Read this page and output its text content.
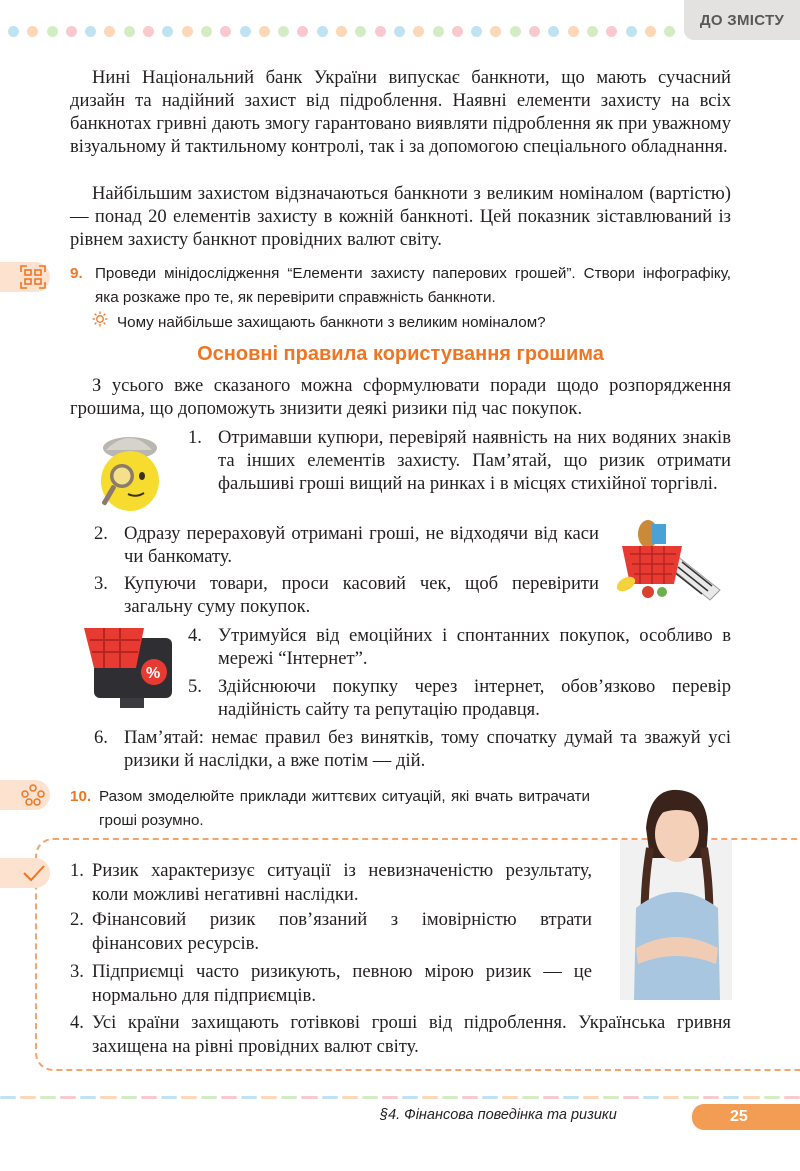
ДО ЗМІСТУ

Нині Національний банк України випускає банкноти, що мають сучасний дизайн та надійний захист від підроблення. Наявні елементи захисту на всіх банкнотах гривні дають змогу гарантовано виявляти підроблення як при уважному візуальному й тактильному контролі, так і за допомогою спеціального обладнання.

Найбільшим захистом відзначаються банкноти з великим номіналом (вартістю) — понад 20 елементів захисту в кожній банкноті. Цей показник зіставлюваний із рівнем захисту банкнот провідних валют світу.

9. Проведи мінідослідження “Елементи захисту паперових грошей”. Створи інфографіку, яка розкаже про те, як перевірити справжність банкноти.
Чому найбільше захищають банкноти з великим номіналом?
Основні правила користування грошима

З усього вже сказаного можна сформулювати поради щодо розпорядження грошима, що допоможуть знизити деякі ризики під час покупок.

1. Отримавши купюри, перевіряй наявність на них водяних знаків та інших елементів захисту. Пам’ятай, що ризик отримати фальшиві гроші вищий на ринках і в місцях стихійної торгівлі.
2. Одразу перераховуй отримані гроші, не відходячи від каси чи банкомату.
3. Купуючи товари, проси касовий чек, щоб перевірити загальну суму покупок.
%
4. Утримуйся від емоційних і спонтанних покупок, особливо в мережі “Інтернет”.
5. Здійснюючи покупку через інтернет, обов’язково перевір надійність сайту та репутацію продавця.
6. Пам’ятай: немає правил без винятків, тому спочатку думай та зважуй усі ризики й наслідки, а вже потім — дій.
10. Разом змоделюйте приклади життєвих ситуацій, які вчать витрачати гроші розумно.
1. Ризик характеризує ситуації із невизначеністю результату, коли можливі негативні наслідки.
2. Фінансовий ризик пов’язаний з імовірністю втрати фінансових ресурсів.
3. Підприємці часто ризикують, певною мірою ризик — це нормально для підприємців.
4. Усі країни захищають готівкові гроші від підроблення. Українська гривня захищена на рівні провідних валют світу.
§4. Фінансова поведінка та ризики	25
